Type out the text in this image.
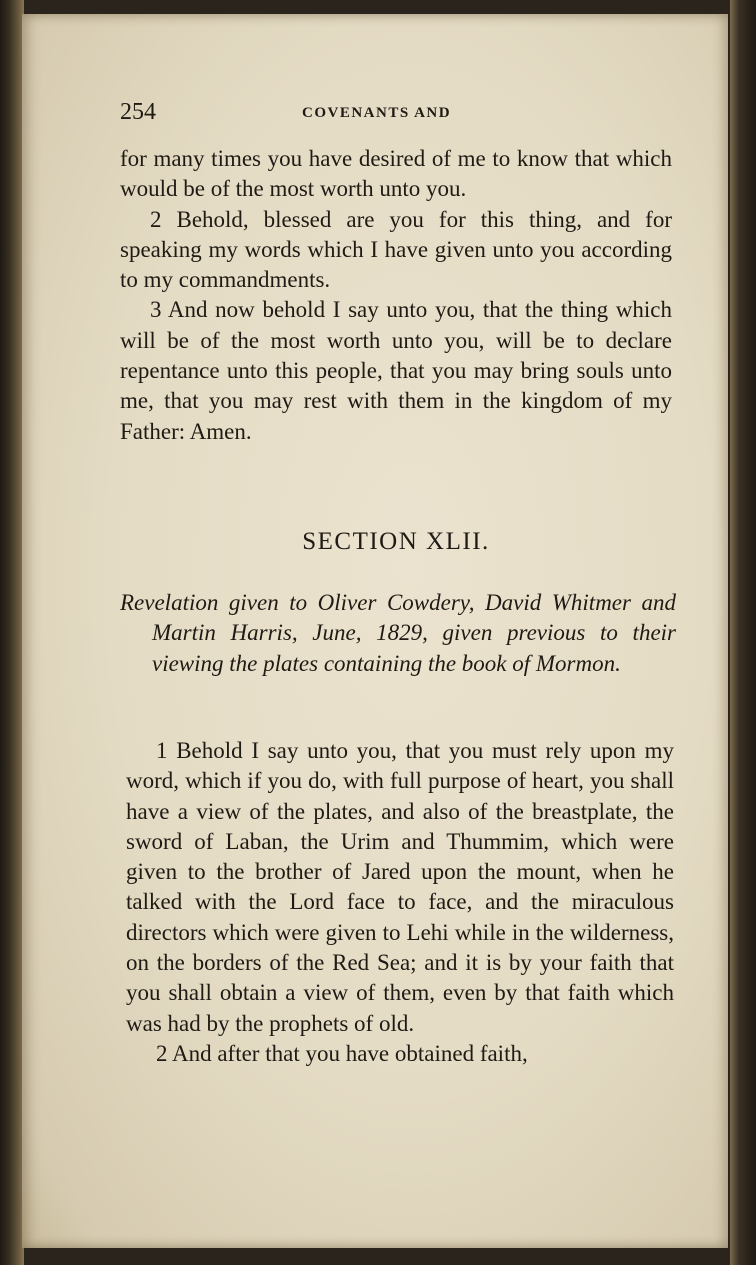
254	COVENANTS AND

for many times you have desired of me to know that which would be of the most worth unto you.

2 Behold, blessed are you for this thing, and for speaking my words which I have given unto you according to my commandments.

3 And now behold I say unto you, that the thing which will be of the most worth unto you, will be to declare repentance unto this people, that you may bring souls unto me, that you may rest with them in the kingdom of my Father: Amen.

SECTION XLII.
Revelation given to Oliver Cowdery, David Whitmer and Martin Harris, June, 1829, given previous to their viewing the plates containing the book of Mormon.

1 Behold I say unto you, that you must rely upon my word, which if you do, with full purpose of heart, you shall have a view of the plates, and also of the breastplate, the sword of Laban, the Urim and Thummim, which were given to the brother of Jared upon the mount, when he talked with the Lord face to face, and the miraculous directors which were given to Lehi while in the wilderness, on the borders of the Red Sea; and it is by your faith that you shall obtain a view of them, even by that faith which was had by the prophets of old.

2 And after that you have obtained faith,
